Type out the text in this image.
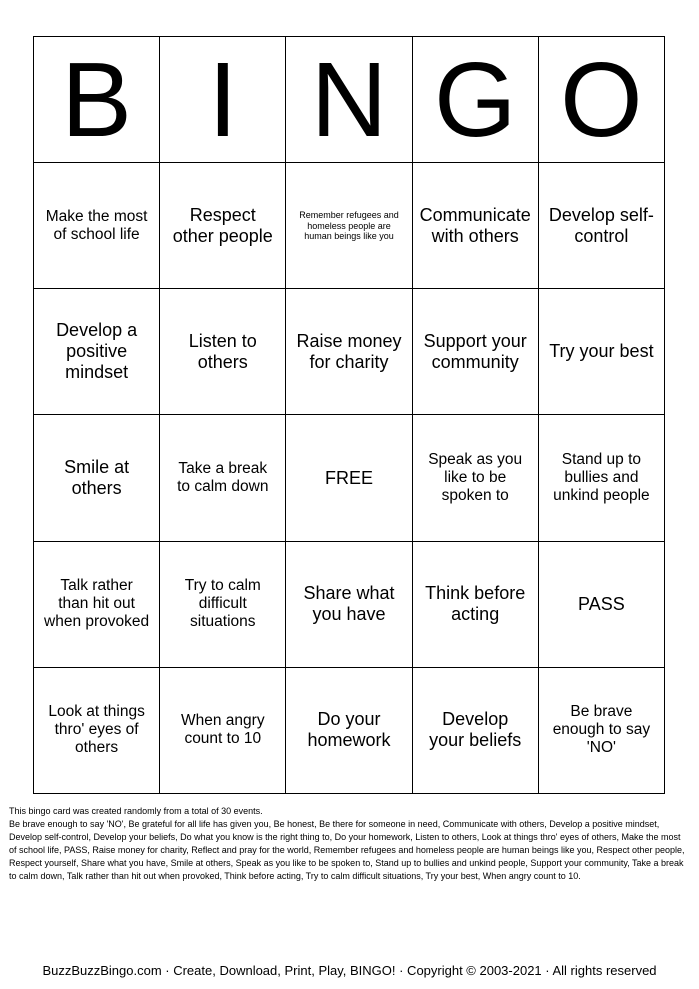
B I N G O
Make the most of school life
Respect other people
Remember refugees and homeless people are human beings like you
Communicate with others
Develop self-control
Develop a positive mindset
Listen to others
Raise money for charity
Support your community
Try your best
Smile at others
Take a break to calm down	FREE
Speak as you like to be spoken to
Stand up to bullies and unkind people
Talk rather than hit out when provoked
Try to calm difficult situations
Share what you have
Think before acting
PASS
Look at things thro' eyes of others
When angry count to 10
Do your homework
Develop your beliefs
Be brave enough to say 'NO'

This bingo card was created randomly from a total of 30 events.

Be brave enough to say 'NO', Be grateful for all life has given you, Be honest, Be there for someone in need, Communicate with others, Develop a positive mindset, Develop self-control, Develop your beliefs, Do what you know is the right thing to, Do your homework, Listen to others, Look at things thro' eyes of others, Make the most of school life, PASS, Raise money for charity, Reflect and pray for the world, Remember refugees and homeless people are human beings like you, Respect other people, Respect yourself, Share what you have, Smile at others, Speak as you like to be spoken to, Stand up to bullies and unkind people, Support your community, Take a break to calm down, Talk rather than hit out when provoked, Think before acting, Try to calm difficult situations, Try your best, When angry count to 10.

BuzzBuzzBingo.com · Create, Download, Print, Play, BINGO! · Copyright © 2003-2021 · All rights reserved
